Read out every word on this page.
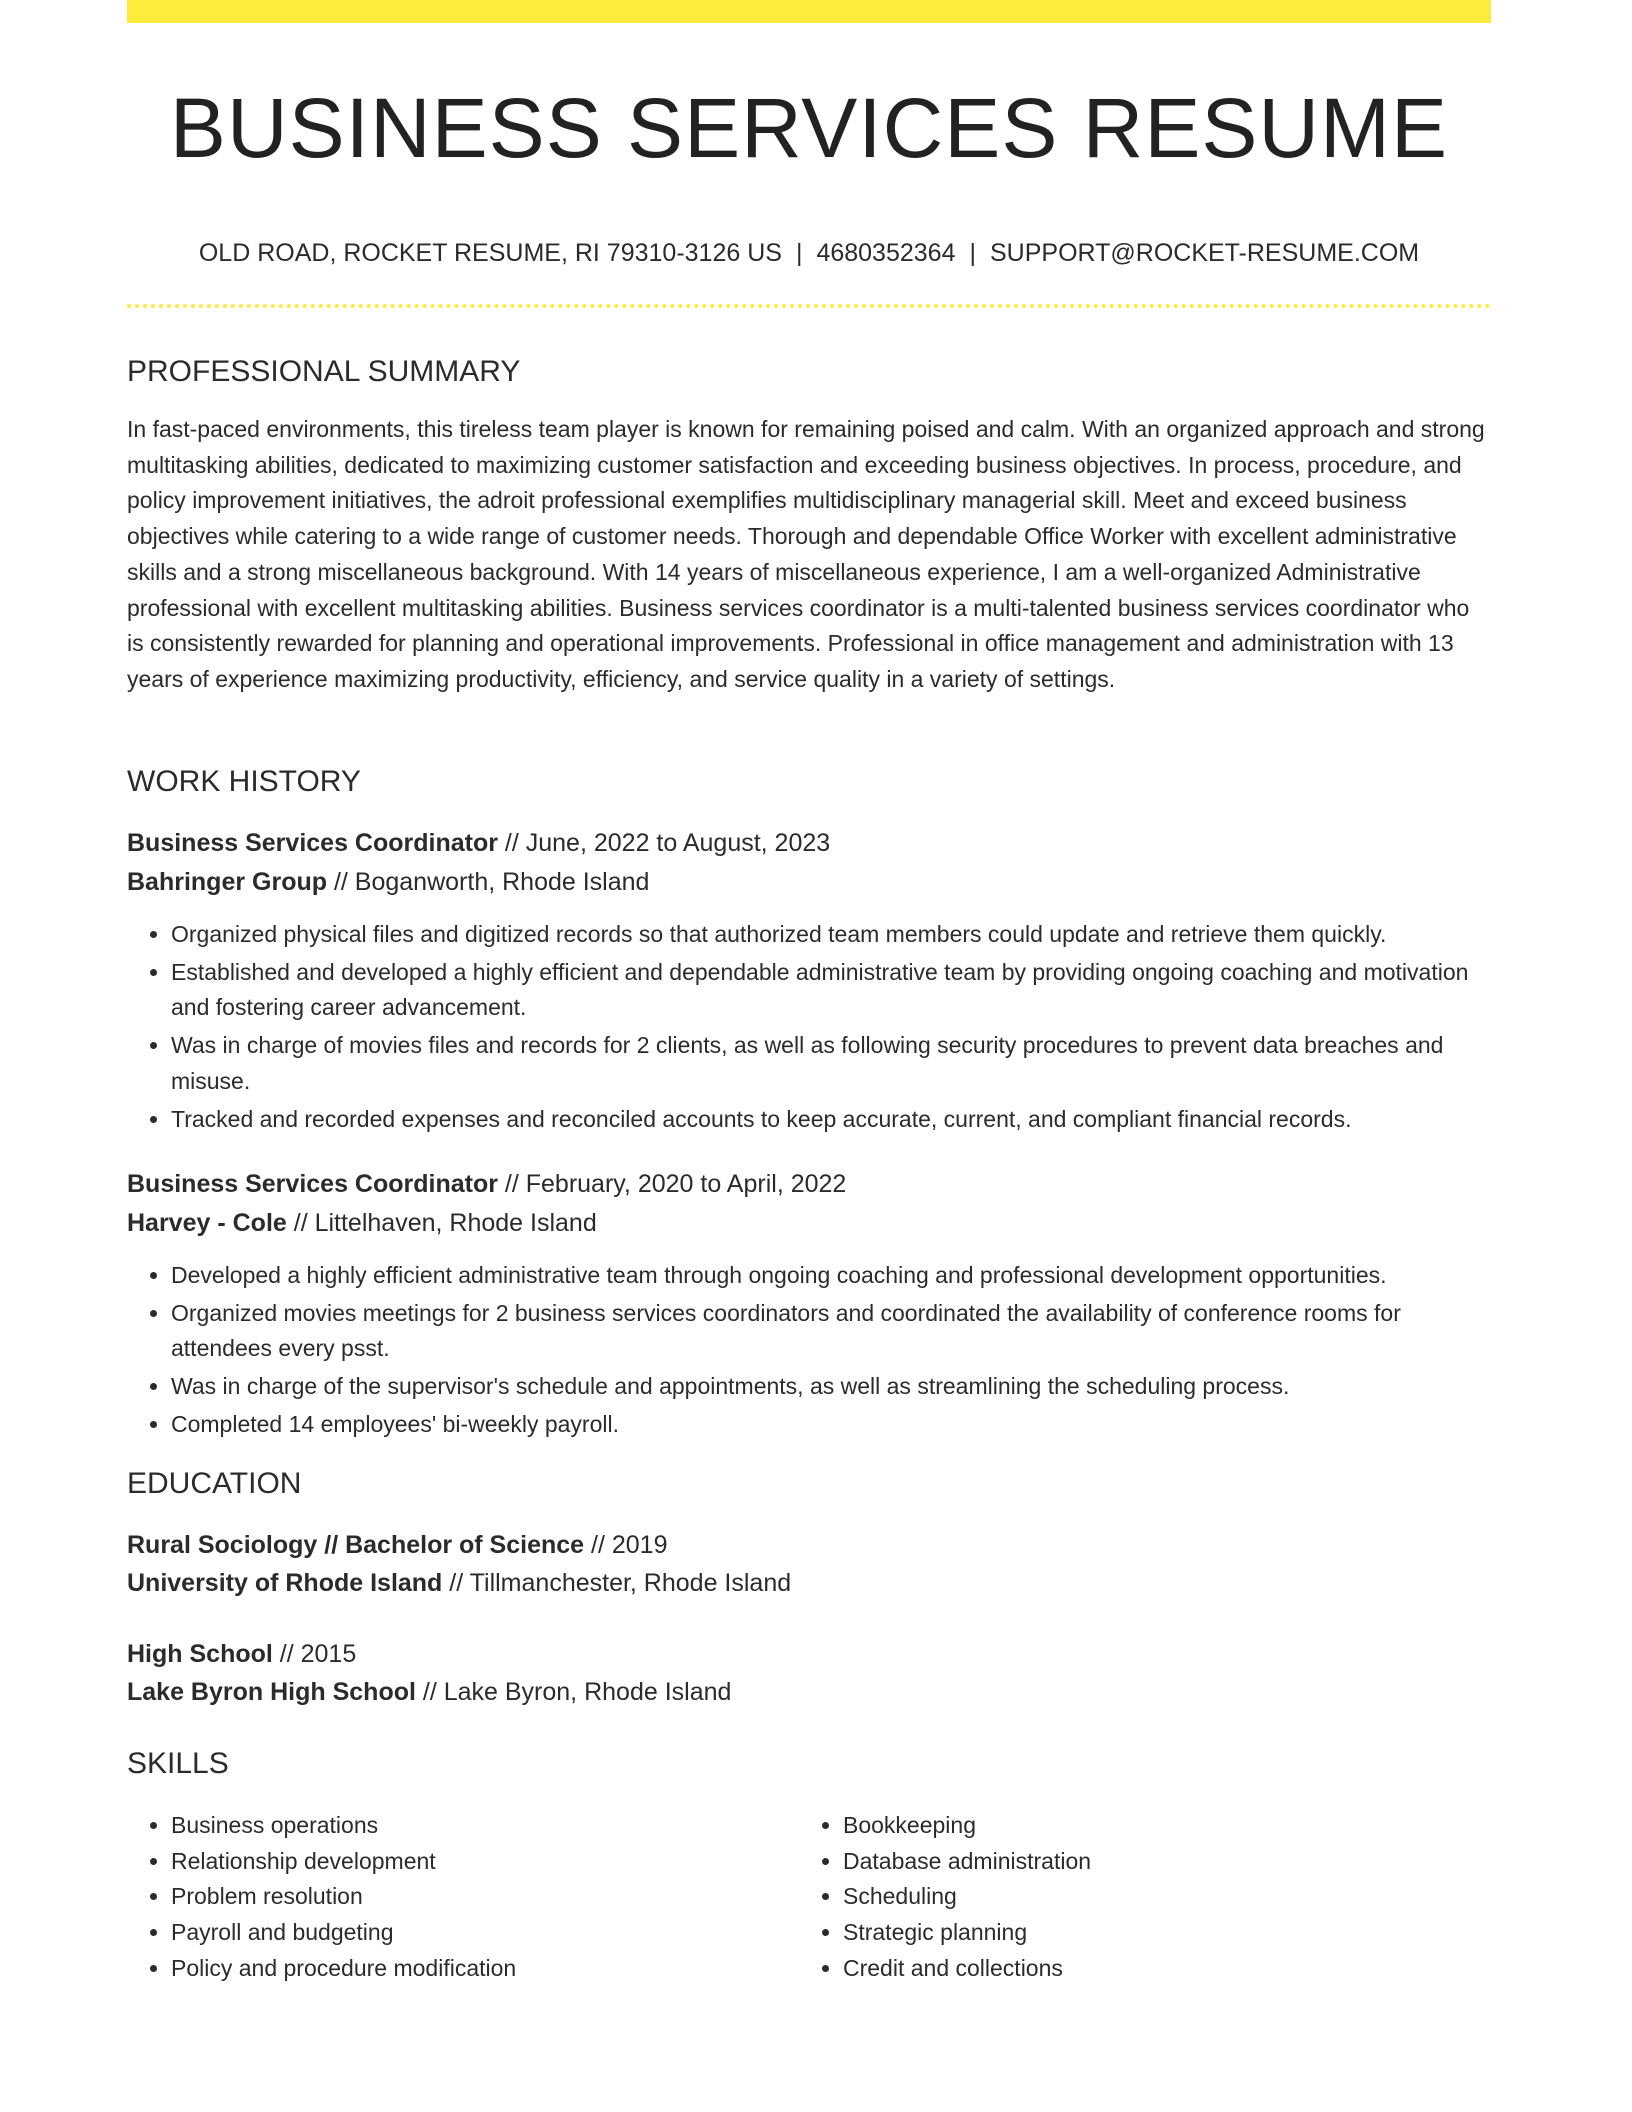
BUSINESS SERVICES RESUME
OLD ROAD, ROCKET RESUME, RI 79310-3126 US | 4680352364 | SUPPORT@ROCKET-RESUME.COM
PROFESSIONAL SUMMARY

In fast-paced environments, this tireless team player is known for remaining poised and calm. With an organized approach and strong multitasking abilities, dedicated to maximizing customer satisfaction and exceeding business objectives. In process, procedure, and policy improvement initiatives, the adroit professional exemplifies multidisciplinary managerial skill. Meet and exceed business objectives while catering to a wide range of customer needs. Thorough and dependable Office Worker with excellent administrative skills and a strong miscellaneous background. With 14 years of miscellaneous experience, I am a well-organized Administrative professional with excellent multitasking abilities. Business services coordinator is a multi-talented business services coordinator who is consistently rewarded for planning and operational improvements. Professional in office management and administration with 13 years of experience maximizing productivity, efficiency, and service quality in a variety of settings.

WORK HISTORY
Business Services Coordinator // June, 2022 to August, 2023
Bahringer Group // Boganworth, Rhode Island
• Organized physical files and digitized records so that authorized team members could update and retrieve them quickly.
• Established and developed a highly efficient and dependable administrative team by providing ongoing coaching and motivation and fostering career advancement.
• Was in charge of movies files and records for 2 clients, as well as following security procedures to prevent data breaches and misuse.
• Tracked and recorded expenses and reconciled accounts to keep accurate, current, and compliant financial records.
Business Services Coordinator // February, 2020 to April, 2022
Harvey - Cole // Littelhaven, Rhode Island
• Developed a highly efficient administrative team through ongoing coaching and professional development opportunities.
• Organized movies meetings for 2 business services coordinators and coordinated the availability of conference rooms for attendees every psst.
• Was in charge of the supervisor's schedule and appointments, as well as streamlining the scheduling process.
• Completed 14 employees' bi-weekly payroll.
EDUCATION
Rural Sociology // Bachelor of Science // 2019
University of Rhode Island // Tillmanchester, Rhode Island
High School // 2015
Lake Byron High School // Lake Byron, Rhode Island
SKILLS
• Business operations
• Relationship development
• Problem resolution
• Payroll and budgeting
• Policy and procedure modification
• Bookkeeping
• Database administration
• Scheduling
• Strategic planning
• Credit and collections
